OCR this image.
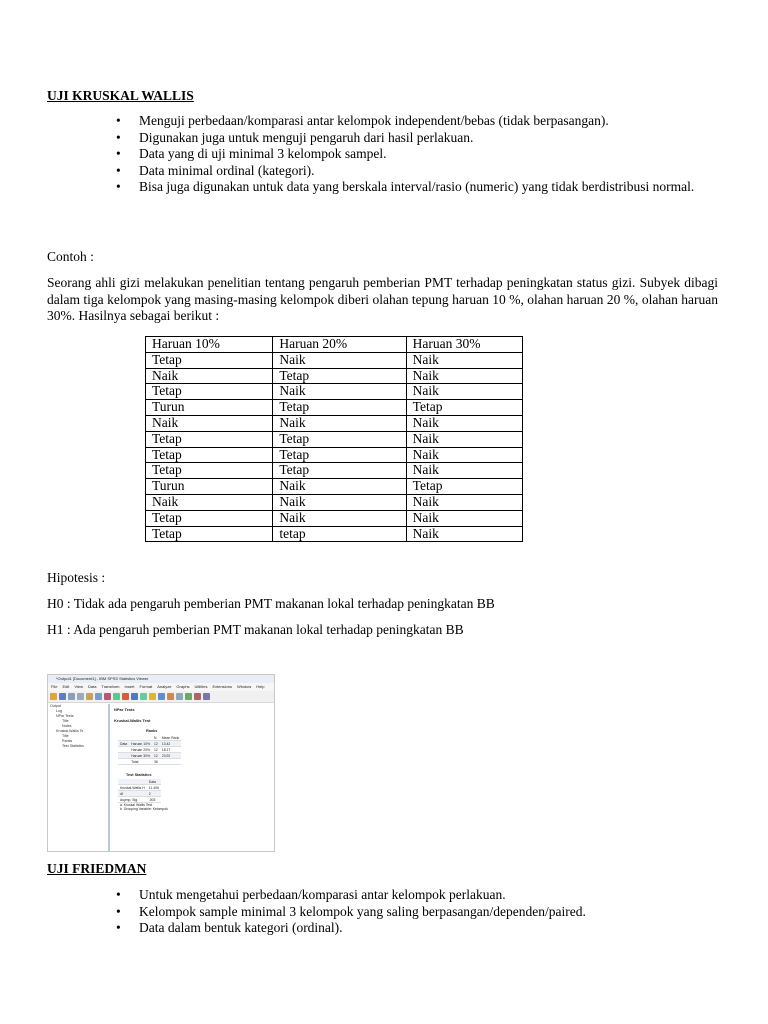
UJI KRUSKAL WALLIS
• Menguji perbedaan/komparasi antar kelompok independent/bebas (tidak berpasangan).
• Digunakan juga untuk menguji pengaruh dari hasil perlakuan.
• Data yang di uji minimal 3 kelompok sampel.
• Data minimal ordinal (kategori).
• Bisa juga digunakan untuk data yang berskala interval/rasio (numeric) yang tidak berdistribusi normal.
Contoh :
Seorang ahli gizi melakukan penelitian tentang pengaruh pemberian PMT terhadap peningkatan status gizi. Subyek dibagi dalam tiga kelompok yang masing-masing kelompok diberi olahan tepung haruan 10 %, olahan haruan 20 %, olahan haruan 30%. Hasilnya sebagai berikut :
Haruan 10%	Haruan 20%	Haruan 30%
Tetap	Naik	Naik
Naik	Tetap	Naik
Tetap	Naik	Naik
Turun	Tetap	Tetap
Naik	Naik	Naik
Tetap	Tetap	Naik
Tetap	Tetap	Naik
Tetap	Tetap	Naik
Turun	Naik	Tetap
Naik	Naik	Naik
Tetap	Naik	Naik
Tetap	tetap	Naik
Hipotesis :
H0 : Tidak ada pengaruh pemberian PMT makanan lokal terhadap peningkatan BB
H1 : Ada pengaruh pemberian PMT makanan lokal terhadap peningkatan BB
*Output1 [Document1] - IBM SPSS Statistics Viewer
File Edit View Data Transform Insert Format Analyze Graphs Utilities Extensions Window Help
Output
Log
NPar Tests
Title
Notes
Kruskal-Wallis Te
Title
Ranks
Test Statistics
NPar Tests
Kruskal-Wallis Test
Ranks
		N	Mean Rank
Data	Haruan 10%	12	13.42
	Haruan 20%	12	18.17
	Haruan 30%	12	23.92
	Total	36	
Test Statistics
	Data
Kruskal-Wallis H	11.406
df	2
Asymp. Sig.	.003
a. Kruskal Wallis Test
b. Grouping Variable: Kelompok
UJI FRIEDMAN
• Untuk mengetahui perbedaan/komparasi antar kelompok perlakuan.
• Kelompok sample minimal 3 kelompok yang saling berpasangan/dependen/paired.
• Data dalam bentuk kategori (ordinal).
